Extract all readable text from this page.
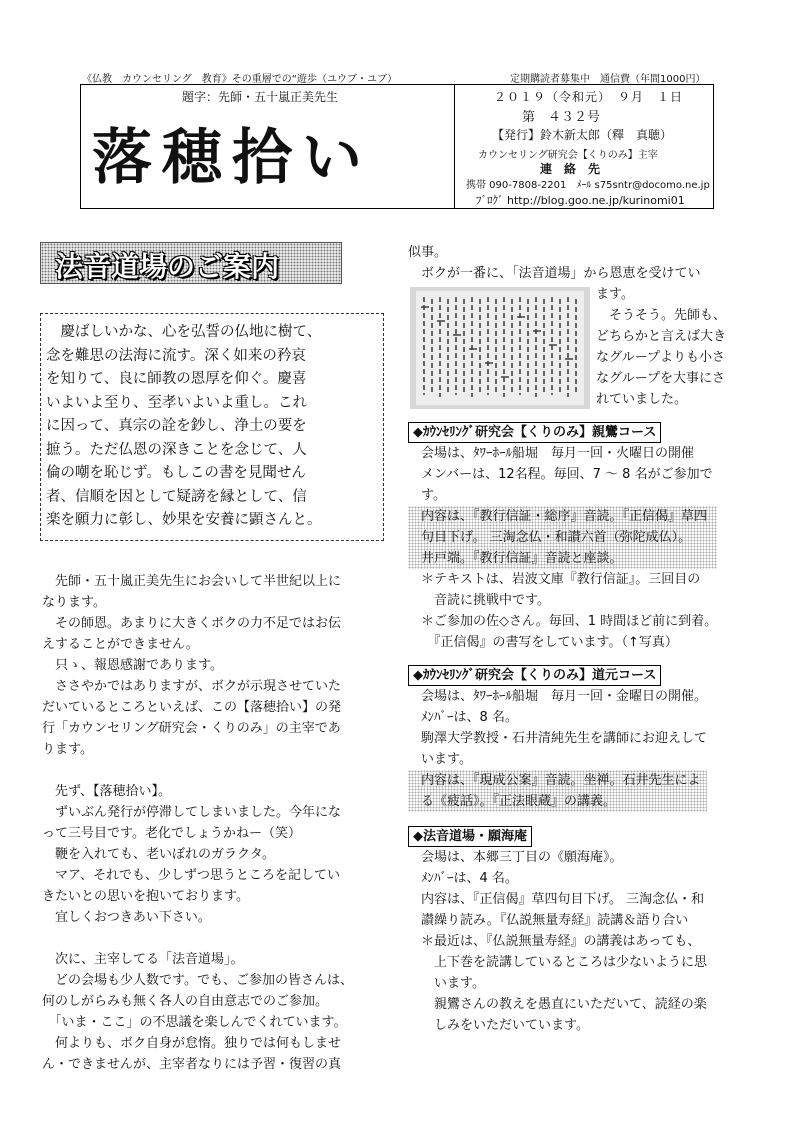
《仏教　カウンセリング　教育》その重層での“遊歩（ユウブ・ユブ）	定期購読者募集中　通信費（年間1000円）
題字：先師・五十嵐正美先生
落穂拾い
２０１９（令和元）　９月　１日
第　４３２号
【発行】鈴木新太郎（釋　真聴）
カウンセリング研究会【くりのみ】主宰
連　絡　先
携帯 090-7808-2201　ﾒｰﾙ s75sntr@docomo.ne.jp
ﾌﾞﾛｸﾞ http://blog.goo.ne.jp/kurinomi01
法音道場のご案内
　慶ばしいかな、心を弘誓の仏地に樹て、
念を難思の法海に流す。深く如来の矜哀
を知りて、良に師教の恩厚を仰ぐ。慶喜
いよいよ至り、至孝いよいよ重し。これ
に因って、真宗の詮を鈔し、浄土の要を
摭う。ただ仏恩の深きことを念じて、人
倫の嘲を恥じず。もしこの書を見聞せん
者、信順を因として疑謗を縁として、信
楽を願力に彰し、妙果を安養に顕さんと。
　先師・五十嵐正美先生にお会いして半世紀以上に
なります。
　その師恩。あまりに大きくボクの力不足ではお伝
えすることができません。
　只ゝ、報恩感謝であります。
　ささやかではありますが、ボクが示現させていた
だいているところといえば、この【落穂拾い】の発
行「カウンセリング研究会・くりのみ」の主宰であ
ります。
　先ず、【落穂拾い】。
　ずいぶん発行が停滞してしまいました。今年にな
って三号目です。老化でしょうかねー（笑）
　鞭を入れても、老いぼれのガラクタ。
　マア、それでも、少しずつ思うところを記してい
きたいとの思いを抱いております。
　宜しくおつきあい下さい。
　次に、主宰してる「法音道場」。
　どの会場も少人数です。でも、ご参加の皆さんは、
何のしがらみも無く各人の自由意志でのご参加。
　「いま・ここ」の不思議を楽しんでくれています。
　何よりも、ボク自身が怠惰。独りでは何もしませ
ん・できませんが、主宰者なりには予習・復習の真
似事。
　ボクが一番に、「法音道場」から恩恵を受けてい
ます。
　そうそう。先師も、
どちらかと言えば大き
なグループよりも小さ
なグループを大事にさ
れていました。
◆ｶｳﾝｾﾘﾝｸﾞ研究会【くりのみ】親鸞コース
　会場は、ﾀﾜｰﾎｰﾙ船堀　毎月一回・火曜日の開催
　メンバーは、12名程。毎回、7 ～ 8 名がご参加で
　す。
　内容は、『教行信証・総序』音読。『正信偈』草四
　句目下げ。 三淘念仏・和讃六首（弥陀成仏）。
　井戸端。『教行信証』音読と座談。
　＊テキストは、岩波文庫『教行信証』。三回目の
　　音読に挑戦中です。
　＊ご参加の佐◇さん。毎回、1 時間ほど前に到着。
　　『正信偈』の書写をしています。（↑写真）
◆ｶｳﾝｾﾘﾝｸﾞ研究会【くりのみ】道元コース
　会場は、ﾀﾜｰﾎｰﾙ船堀　毎月一回・金曜日の開催。
　ﾒﾝﾊﾞｰは、8 名。
　駒澤大学教授・石井清純先生を講師にお迎えして
　います。
　内容は、『現成公案』音読。坐禅。石井先生によ
　る《疲話》。『正法眼蔵』の講義。
◆法音道場・願海庵
　会場は、本郷三丁目の《願海庵》。
　ﾒﾝﾊﾞｰは、4 名。
　内容は、『正信偈』草四句目下げ。 三淘念仏・和
　讃繰り読み。『仏説無量寿経』読講＆語り合い
　＊最近は、『仏説無量寿経』の講義はあっても、
　　上下巻を読講しているところは少ないように思
　　います。
　　親鸞さんの教えを愚直にいただいて、読経の楽
　　しみをいただいています。
